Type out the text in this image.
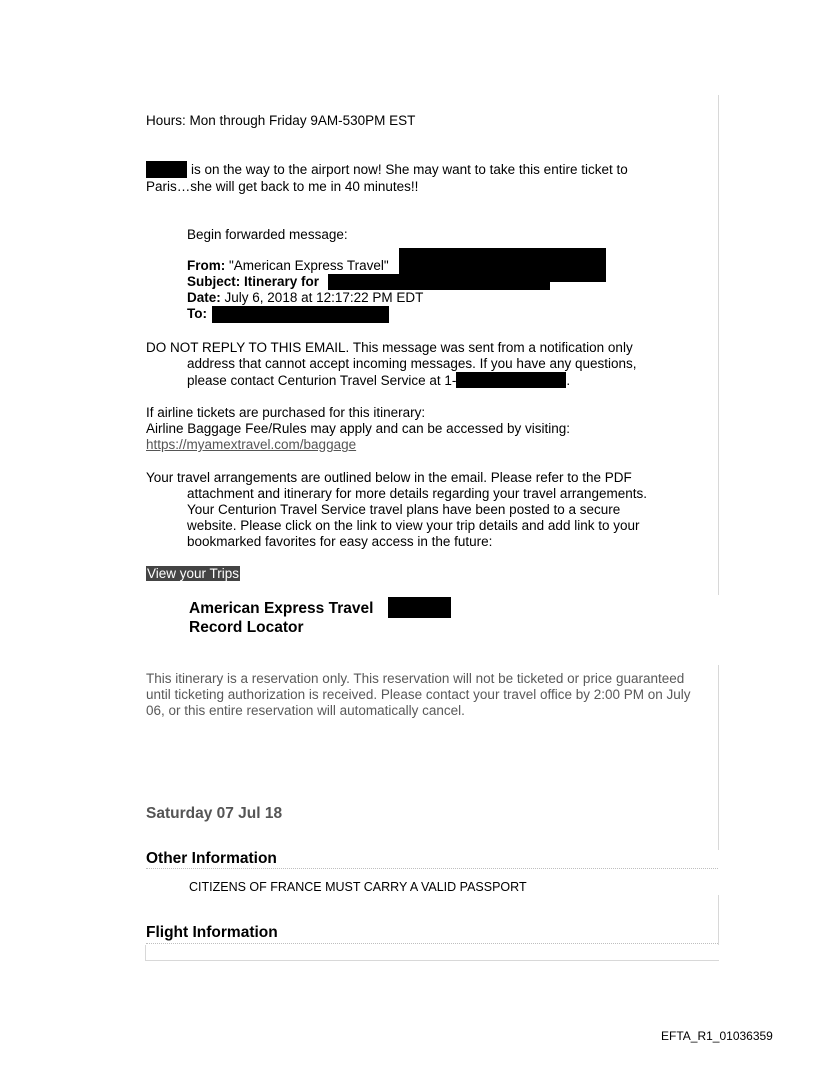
Hours: Mon through Friday 9AM-530PM EST
is on the way to the airport now! She may want to take this entire ticket to
Paris…she will get back to me in 40 minutes!!
Begin forwarded message:
From: "American Express Travel"
Subject: Itinerary for
Date: July 6, 2018 at 12:17:22 PM EDT
To:
DO NOT REPLY TO THIS EMAIL. This message was sent from a notification only
address that cannot accept incoming messages. If you have any questions,
please contact Centurion Travel Service at 1-	.
If airline tickets are purchased for this itinerary:
Airline Baggage Fee/Rules may apply and can be accessed by visiting:
https://myamextravel.com/baggage
Your travel arrangements are outlined below in the email. Please refer to the PDF
attachment and itinerary for more details regarding your travel arrangements.
Your Centurion Travel Service travel plans have been posted to a secure
website. Please click on the link to view your trip details and add link to your
bookmarked favorites for easy access in the future:
View your Trips
American Express Travel
Record Locator
This itinerary is a reservation only. This reservation will not be ticketed or price guaranteed
until ticketing authorization is received. Please contact your travel office by 2:00 PM on July
06, or this entire reservation will automatically cancel.
Saturday 07 Jul 18
Other Information
CITIZENS OF FRANCE MUST CARRY A VALID PASSPORT
Flight Information
EFTA_R1_01036359
